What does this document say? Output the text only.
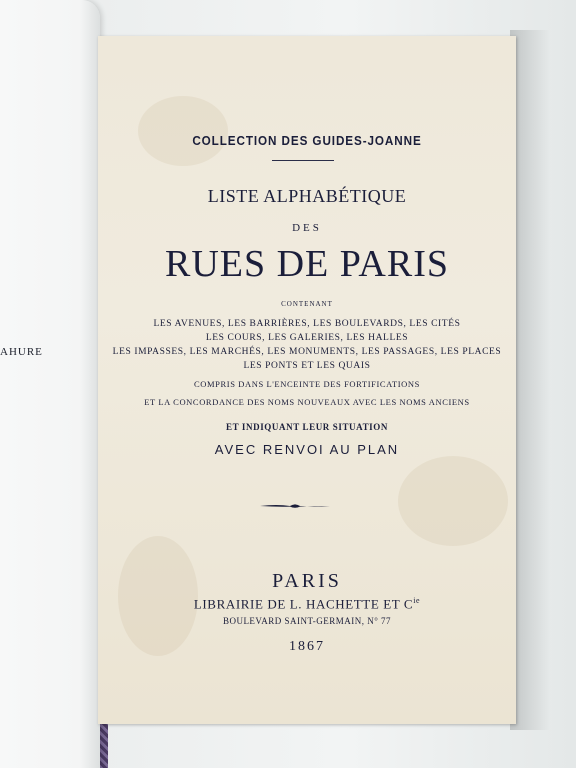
AHURE
COLLECTION DES GUIDES-JOANNE
LISTE ALPHABÉTIQUE
DES
RUES DE PARIS
CONTENANT
LES AVENUES, LES BARRIÈRES, LES BOULEVARDS, LES CITÉS
LES COURS, LES GALERIES, LES HALLES
LES IMPASSES, LES MARCHÉS, LES MONUMENTS, LES PASSAGES, LES PLACES
LES PONTS ET LES QUAIS
COMPRIS DANS L'ENCEINTE DES FORTIFICATIONS
ET LA CONCORDANCE DES NOMS NOUVEAUX AVEC LES NOMS ANCIENS
ET INDIQUANT LEUR SITUATION
AVEC RENVOI AU PLAN
PARIS
LIBRAIRIE DE L. HACHETTE ET $C^{ie}$
BOULEVARD SAINT-GERMAIN, N° 77
1867
